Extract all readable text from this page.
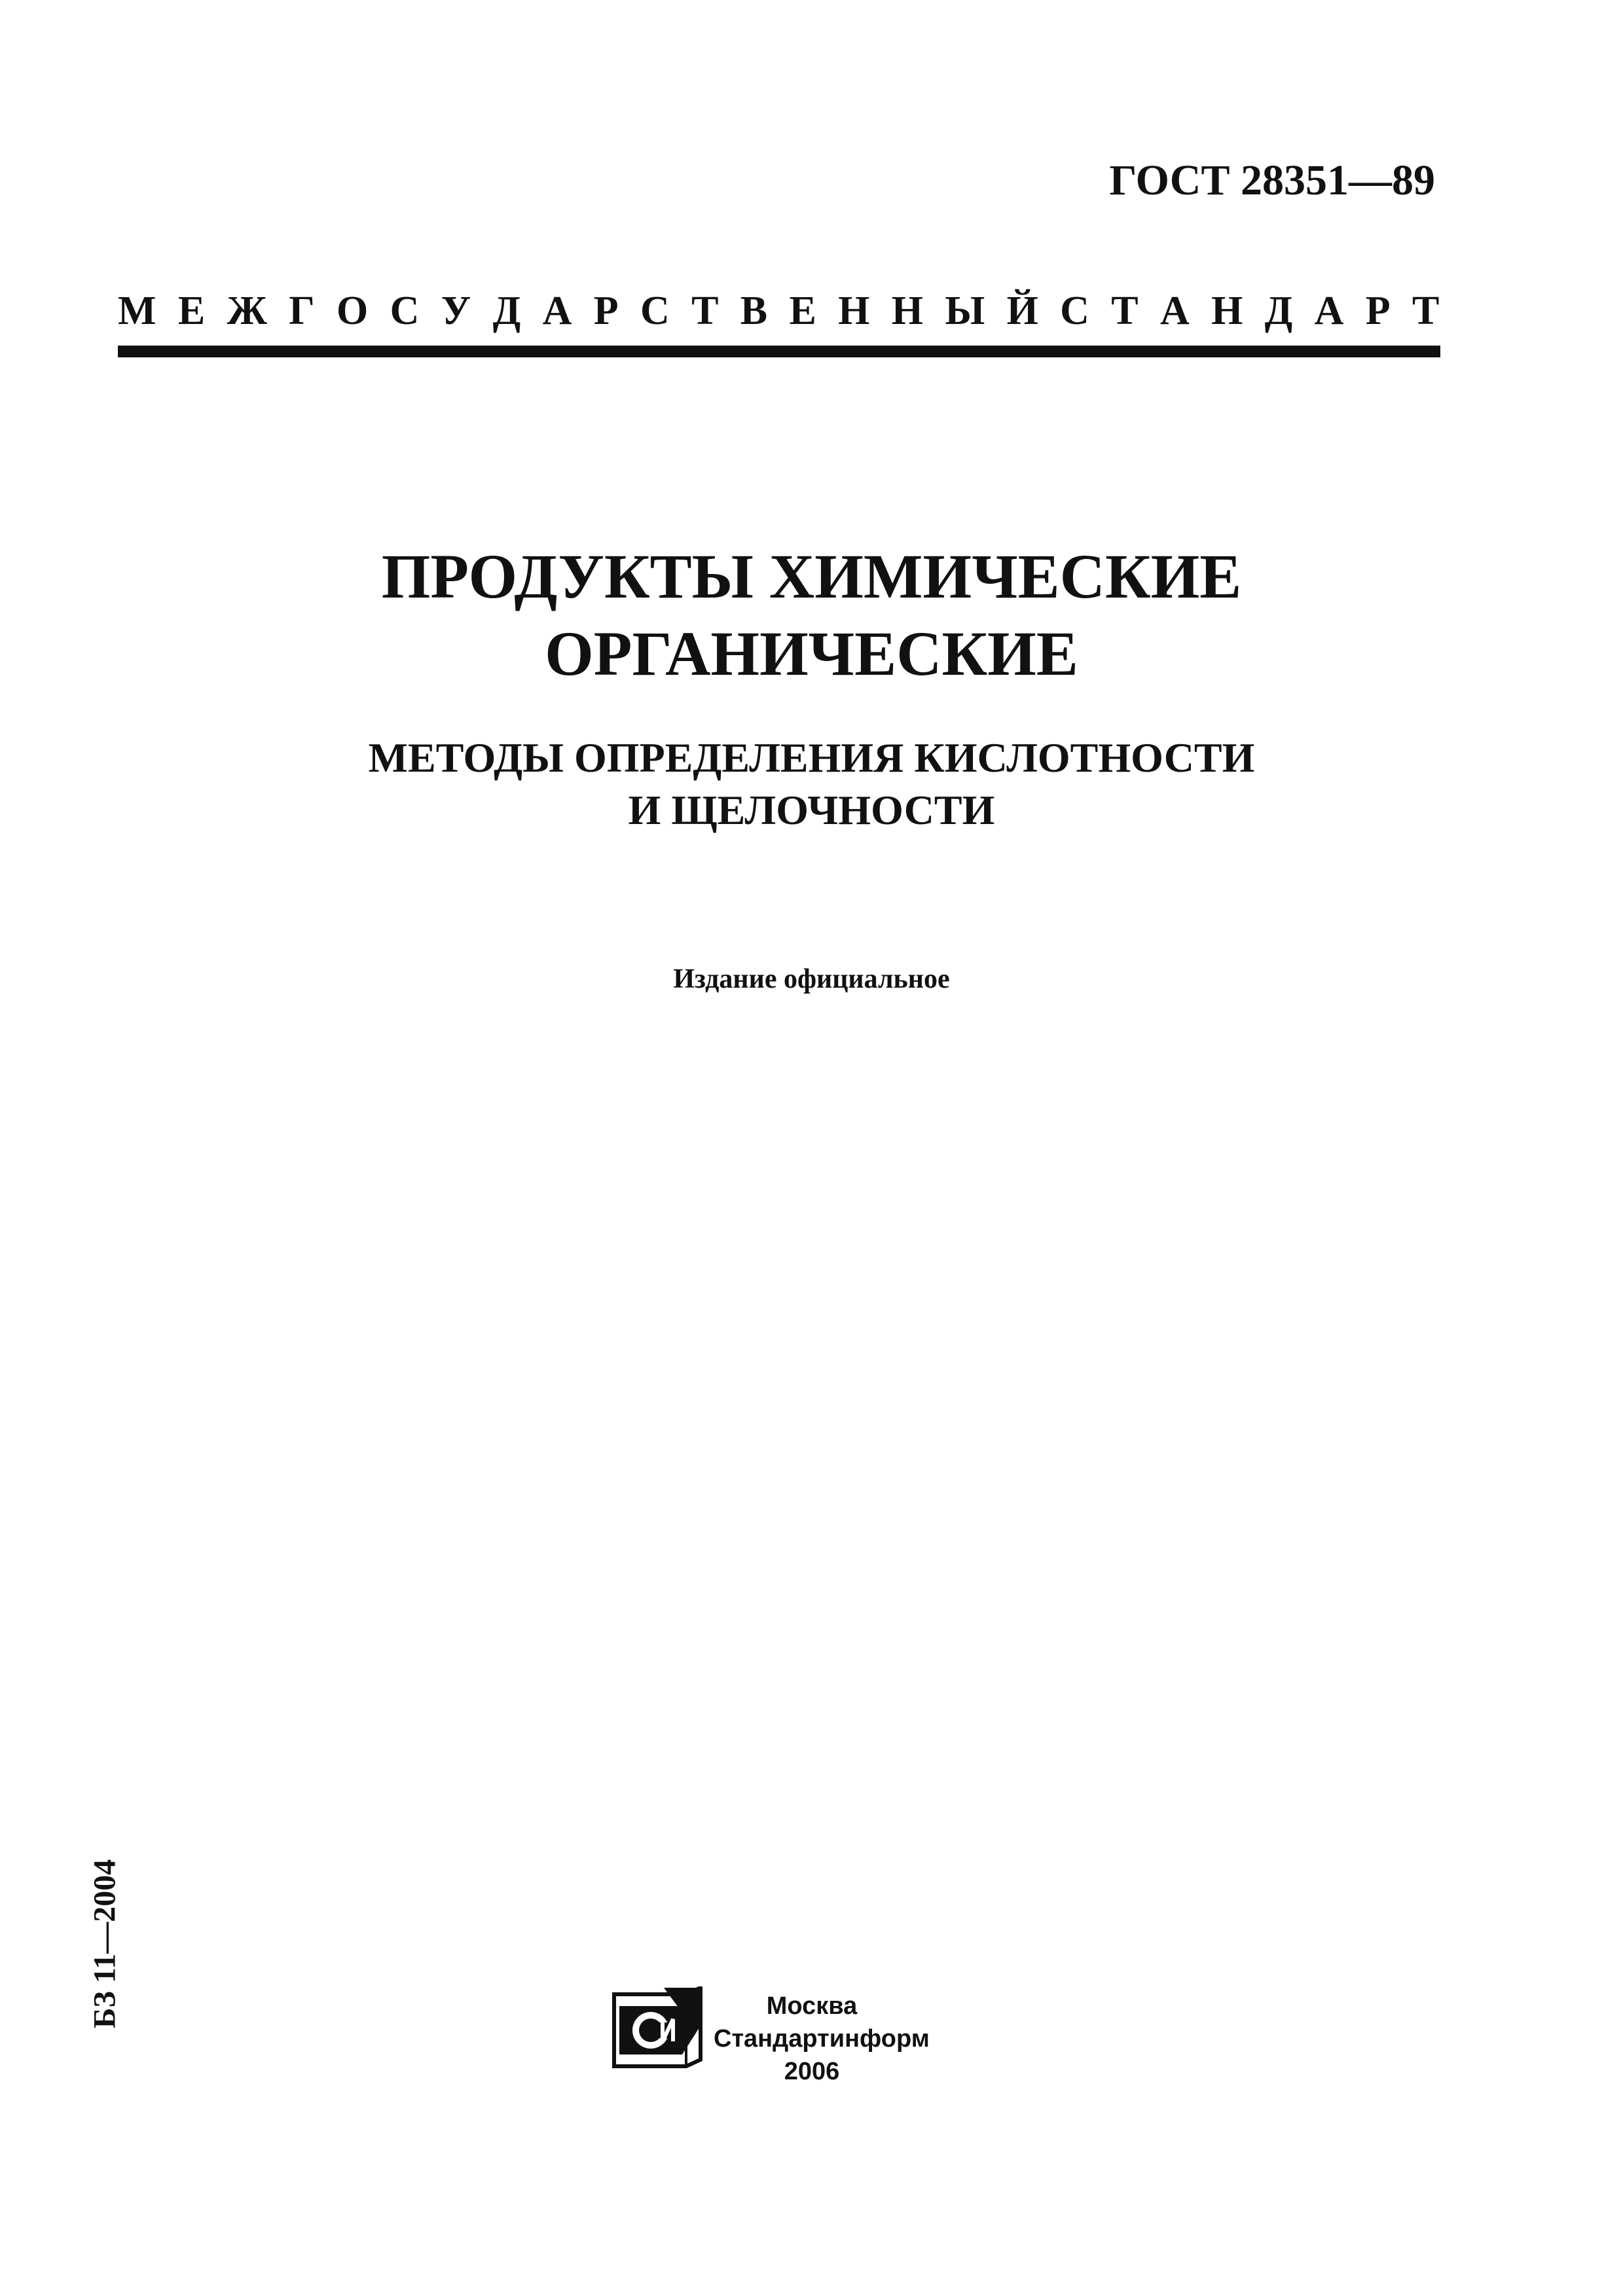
ГОСТ 28351—89
М Е Ж Г О С У Д А Р С Т В Е Н Н Ы Й С Т А Н Д А Р Т
ПРОДУКТЫ ХИМИЧЕСКИЕ
ОРГАНИЧЕСКИЕ
МЕТОДЫ ОПРЕДЕЛЕНИЯ КИСЛОТНОСТИ
И ЩЕЛОЧНОСТИ
Издание официальное
БЗ 11—2004	Москва
Стандартинформ
2006
